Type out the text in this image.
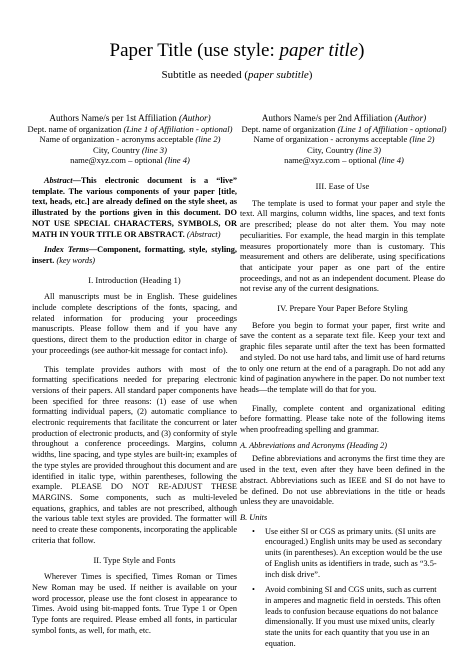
Paper Title (use style: paper title)
Subtitle as needed (paper subtitle)
Authors Name/s per 1st Affiliation (Author)
Dept. name of organization (Line 1 of Affiliation - optional)
Name of organization - acronyms acceptable (line 2)
City, Country (line 3)
name@xyz.com – optional (line 4)
Authors Name/s per 2nd Affiliation (Author)
Dept. name of organization (Line 1 of Affiliation - optional)
Name of organization - acronyms acceptable (line 2)
City, Country (line 3)
name@xyz.com – optional (line 4)

Abstract—This electronic document is a “live” template. The various components of your paper [title, text, heads, etc.] are already defined on the style sheet, as illustrated by the portions given in this document. DO NOT USE SPECIAL CHARACTERS, SYMBOLS, OR MATH IN YOUR TITLE OR ABSTRACT. (Abstract)

Index Terms—Component, formatting, style, styling, insert. (key words)

I. Introduction (Heading 1)

All manuscripts must be in English. These guidelines include complete descriptions of the fonts, spacing, and related information for producing your proceedings manuscripts. Please follow them and if you have any questions, direct them to the production editor in charge of your proceedings (see author-kit message for contact info).

This template provides authors with most of the formatting specifications needed for preparing electronic versions of their papers. All standard paper components have been specified for three reasons: (1) ease of use when formatting individual papers, (2) automatic compliance to electronic requirements that facilitate the concurrent or later production of electronic products, and (3) conformity of style throughout a conference proceedings. Margins, column widths, line spacing, and type styles are built-in; examples of the type styles are provided throughout this document and are identified in italic type, within parentheses, following the example. PLEASE DO NOT RE-ADJUST THESE MARGINS. Some components, such as multi-leveled equations, graphics, and tables are not prescribed, although the various table text styles are provided. The formatter will need to create these components, incorporating the applicable criteria that follow.

II. Type Style and Fonts

Wherever Times is specified, Times Roman or Times New Roman may be used. If neither is available on your word processor, please use the font closest in appearance to Times. Avoid using bit-mapped fonts. True Type 1 or Open Type fonts are required. Please embed all fonts, in particular symbol fonts, as well, for math, etc.

III. Ease of Use

The template is used to format your paper and style the text. All margins, column widths, line spaces, and text fonts are prescribed; please do not alter them. You may note peculiarities. For example, the head margin in this template measures proportionately more than is customary. This measurement and others are deliberate, using specifications that anticipate your paper as one part of the entire proceedings, and not as an independent document. Please do not revise any of the current designations.

IV. Prepare Your Paper Before Styling

Before you begin to format your paper, first write and save the content as a separate text file. Keep your text and graphic files separate until after the text has been formatted and styled. Do not use hard tabs, and limit use of hard returns to only one return at the end of a paragraph. Do not add any kind of pagination anywhere in the paper. Do not number text heads—the template will do that for you.

Finally, complete content and organizational editing before formatting. Please take note of the following items when proofreading spelling and grammar.

A. Abbreviations and Acronyms (Heading 2)

Define abbreviations and acronyms the first time they are used in the text, even after they have been defined in the abstract. Abbreviations such as IEEE and SI do not have to be defined. Do not use abbreviations in the title or heads unless they are unavoidable.

B. Units
•	Use either SI or CGS as primary units. (SI units are encouraged.) English units may be used as secondary units (in parentheses). An exception would be the use of English units as identifiers in trade, such as “3.5-inch disk drive”.
•	Avoid combining SI and CGS units, such as current in amperes and magnetic field in oersteds. This often leads to confusion because equations do not balance dimensionally. If you must use mixed units, clearly state the units for each quantity that you use in an equation.
